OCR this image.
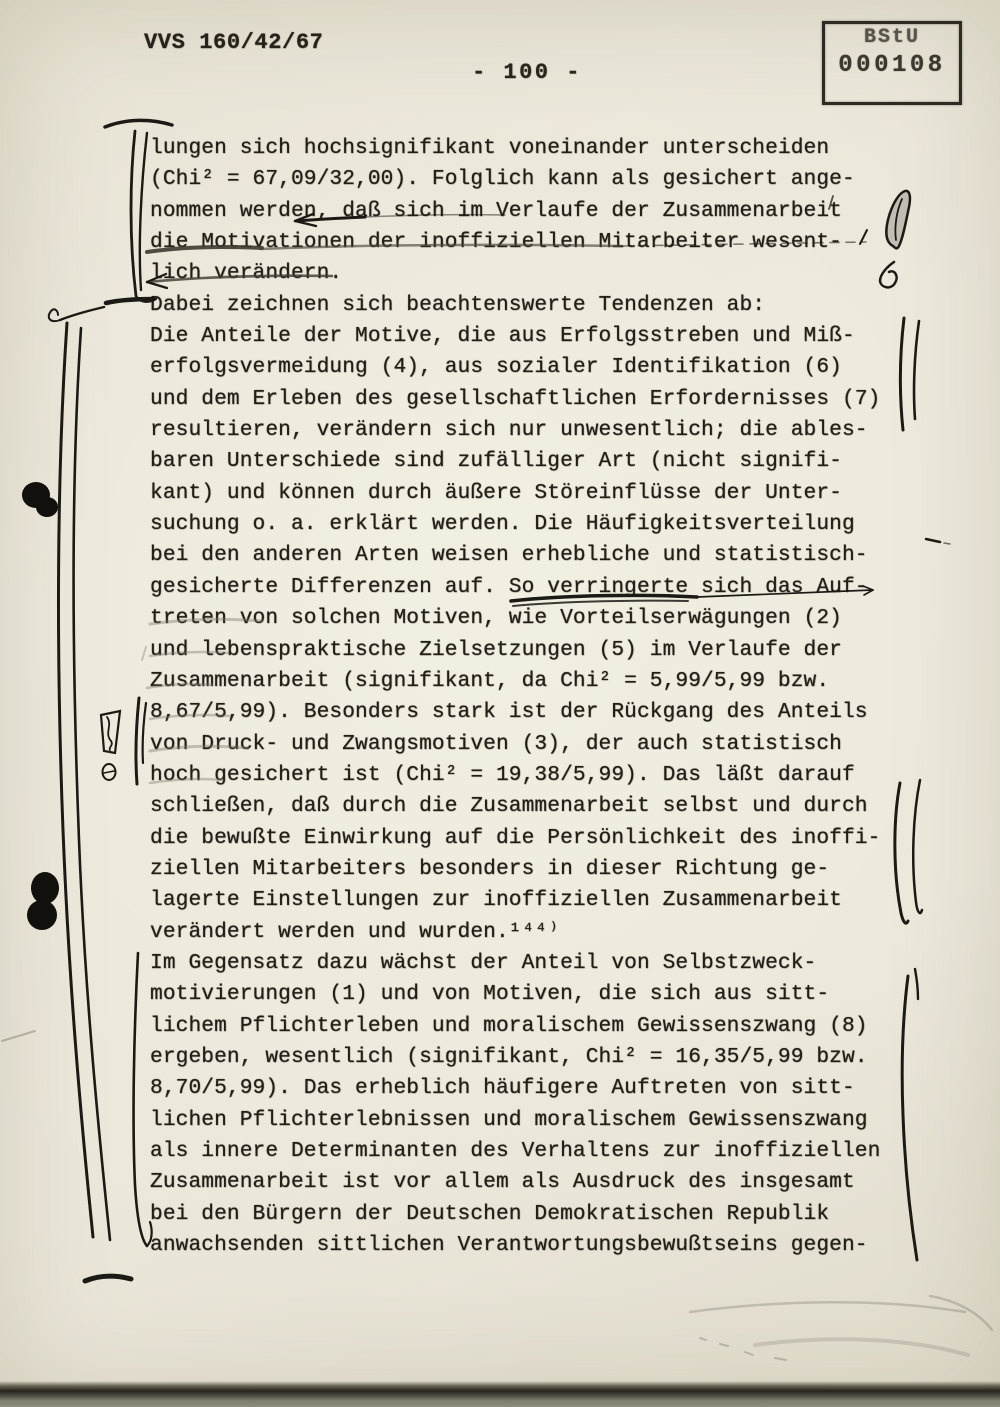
VVS 160/42/67
- 100 -
BStU
000108
lungen sich hochsignifikant voneinander unterscheiden
(Chi² = 67,09/32,00). Folglich kann als gesichert ange-
nommen werden, daß sich im Verlaufe der Zusammenarbeit
die Motivationen der inoffiziellen Mitarbeiter wesent-
lich verändern.
Dabei zeichnen sich beachtenswerte Tendenzen ab:
Die Anteile der Motive, die aus Erfolgsstreben und Miß-
erfolgsvermeidung (4), aus sozialer Identifikation (6)
und dem Erleben des gesellschaftlichen Erfordernisses (7)
resultieren, verändern sich nur unwesentlich; die ables-
baren Unterschiede sind zufälliger Art (nicht signifi-
kant) und können durch äußere Störeinflüsse der Unter-
suchung o. a. erklärt werden. Die Häufigkeitsverteilung
bei den anderen Arten weisen erhebliche und statistisch-
gesicherte Differenzen auf. So verringerte sich das Auf-
treten von solchen Motiven, wie Vorteilserwägungen (2)
und lebenspraktische Zielsetzungen (5) im Verlaufe der
Zusammenarbeit (signifikant, da Chi² = 5,99/5,99 bzw.
8,67/5,99). Besonders stark ist der Rückgang des Anteils
von Druck- und Zwangsmotiven (3), der auch statistisch
hoch gesichert ist (Chi² = 19,38/5,99). Das läßt darauf
schließen, daß durch die Zusammenarbeit selbst und durch
die bewußte Einwirkung auf die Persönlichkeit des inoffi-
ziellen Mitarbeiters besonders in dieser Richtung ge-
lagerte Einstellungen zur inoffiziellen Zusammenarbeit
verändert werden und wurden.¹⁴⁴⁾
Im Gegensatz dazu wächst der Anteil von Selbstzweck-
motivierungen (1) und von Motiven, die sich aus sitt-
lichem Pflichterleben und moralischem Gewissenszwang (8)
ergeben, wesentlich (signifikant, Chi² = 16,35/5,99 bzw.
8,70/5,99). Das erheblich häufigere Auftreten von sitt-
lichen Pflichterlebnissen und moralischem Gewissenszwang
als innere Determinanten des Verhaltens zur inoffiziellen
Zusammenarbeit ist vor allem als Ausdruck des insgesamt
bei den Bürgern der Deutschen Demokratischen Republik
anwachsenden sittlichen Verantwortungsbewußtseins gegen-
